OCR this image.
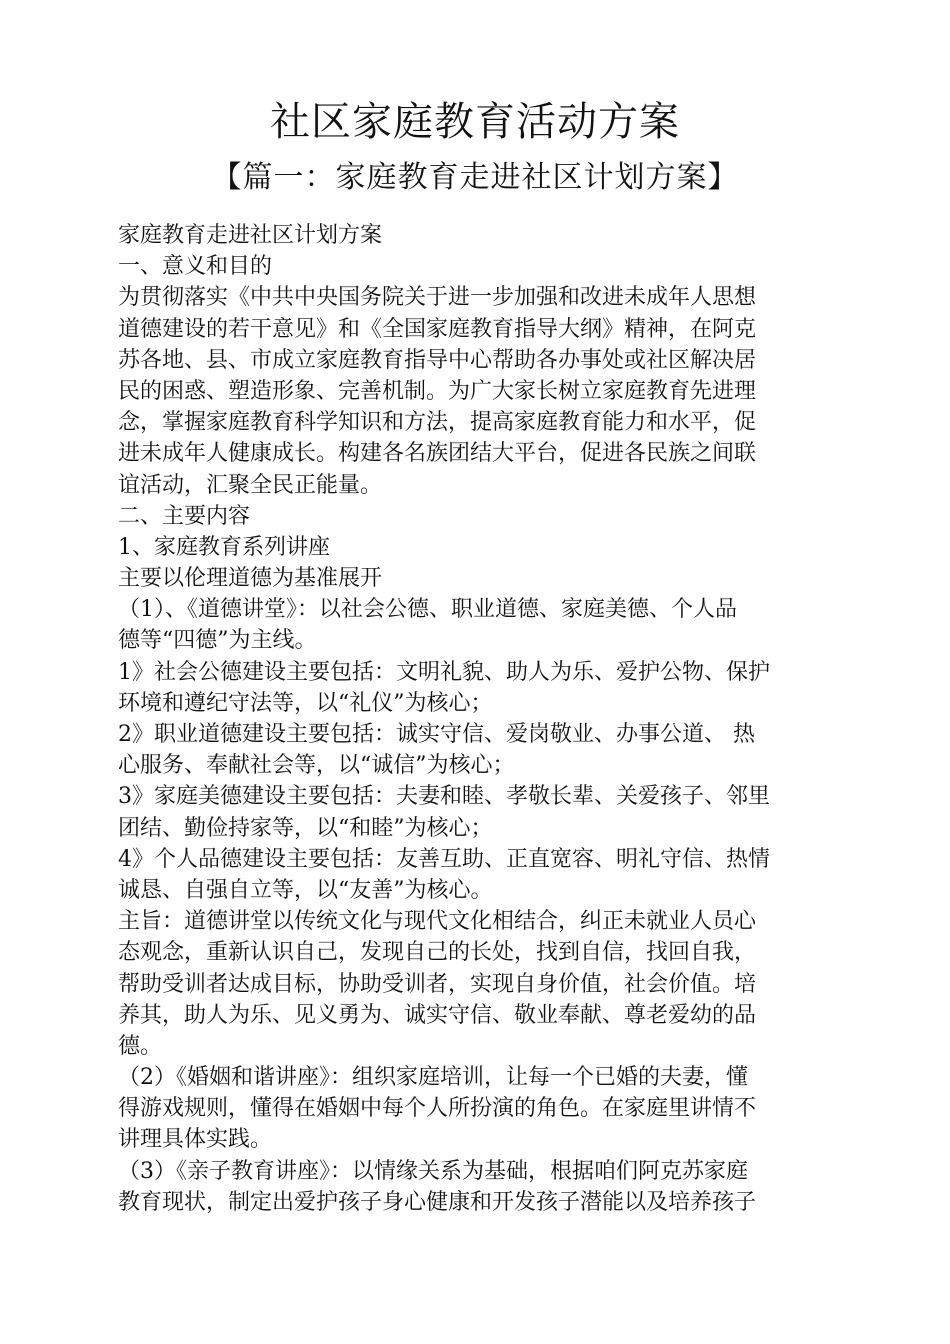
社区家庭教育活动方案
【篇一：家庭教育走进社区计划方案】
家庭教育走进社区计划方案
一、意义和目的
为贯彻落实《中共中央国务院关于进一步加强和改进未成年人思想
道德建设的若干意见》和《全国家庭教育指导大纲》精神，在阿克
苏各地、县、市成立家庭教育指导中心帮助各办事处或社区解决居
民的困惑、塑造形象、完善机制。为广大家长树立家庭教育先进理
念，掌握家庭教育科学知识和方法，提高家庭教育能力和水平，促
进未成年人健康成长。构建各名族团结大平台，促进各民族之间联
谊活动，汇聚全民正能量。
二、主要内容
1、家庭教育系列讲座
主要以伦理道德为基准展开
（1）、《道德讲堂》：以社会公德、职业道德、家庭美德、个人品
德等“四德”为主线。
1》社会公德建设主要包括：文明礼貌、助人为乐、爱护公物、保护
环境和遵纪守法等，以“礼仪”为核心；
2》职业道德建设主要包括：诚实守信、爱岗敬业、办事公道、 热
心服务、奉献社会等，以“诚信”为核心；
3》家庭美德建设主要包括：夫妻和睦、孝敬长辈、关爱孩子、邻里
团结、勤俭持家等，以“和睦”为核心；
4》个人品德建设主要包括：友善互助、正直宽容、明礼守信、热情
诚恳、自强自立等，以“友善”为核心。
主旨：道德讲堂以传统文化与现代文化相结合，纠正未就业人员心
态观念，重新认识自己，发现自己的长处，找到自信，找回自我，
帮助受训者达成目标，协助受训者，实现自身价值，社会价值。培
养其，助人为乐、见义勇为、诚实守信、敬业奉献、尊老爱幼的品
德。
（2）《婚姻和谐讲座》：组织家庭培训，让每一个已婚的夫妻，懂
得游戏规则，懂得在婚姻中每个人所扮演的角色。在家庭里讲情不
讲理具体实践。
（3）《亲子教育讲座》：以情缘关系为基础，根据咱们阿克苏家庭
教育现状，制定出爱护孩子身心健康和开发孩子潜能以及培养孩子
